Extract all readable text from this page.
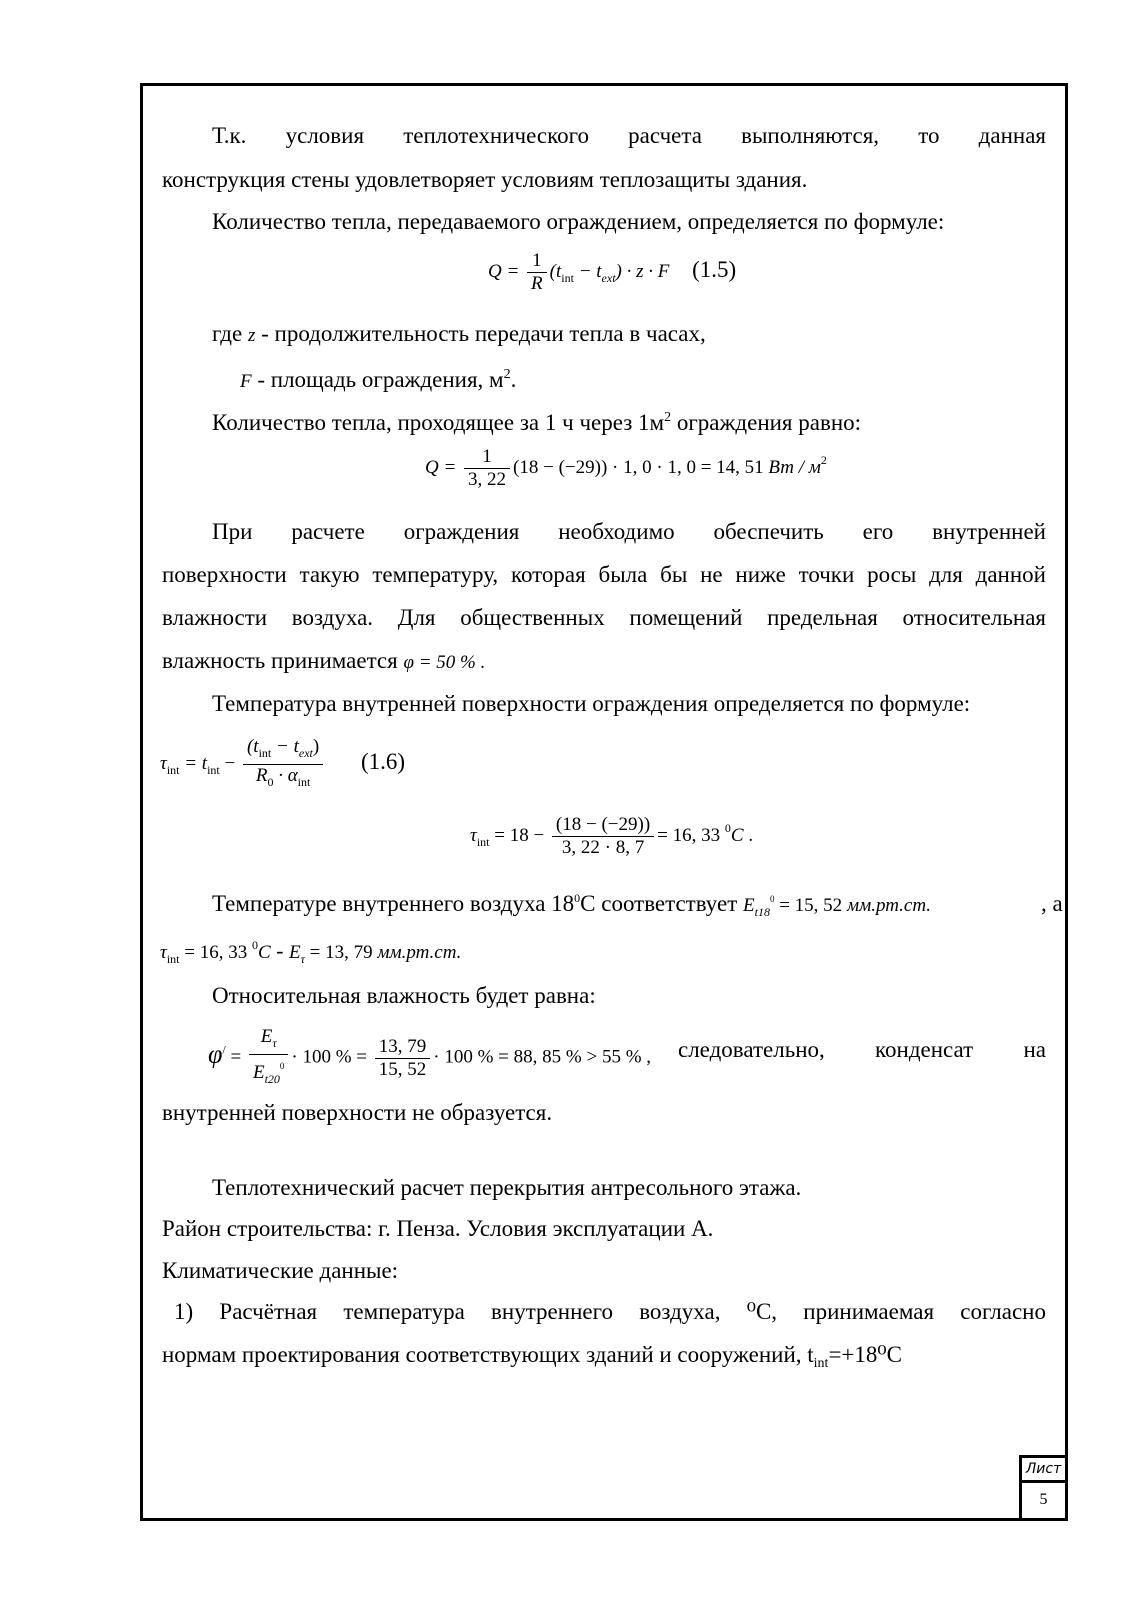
Т.к. условия теплотехнического расчета выполняются, то данная
конструкция стены удовлетворяет условиям теплозащиты здания.
Количество тепла, передаваемого ограждением, определяется по формуле:
$Q = \frac{1}{R} (t_{int} - t_{ext}) \cdot z \cdot F$ (1.5)
где z - продолжительность передачи тепла в часах,
F - площадь ограждения, $м^2$.
Количество тепла, проходящее за 1 ч через $1м^2$ ограждения равно:
$Q = \frac{1}{3, 22} (18 - (-29)) \cdot 1$, 0 · 1, 0 = 14, 51 Вт / $м^2$
При расчете ограждения необходимо обеспечить его внутренней
поверхности такую температуру, которая была бы не ниже точки росы для данной
влажности воздуха. Для общественных помещений предельная относительная
влажность принимается φ = 50 % .
Температура внутренней поверхности ограждения определяется по формуле:
$\tau_{int} = t_{int} - \frac{(t_{int} - t_{ext})}{R_0 \cdot \alpha_{int}} (1.6)$
$\tau_{int} = 18 - \frac{(18 - (-29))}{3, 22 \cdot 8, 7} = 16$, 33 $^0$C .
Температуре внутреннего воздуха $18^0С$ соответствует $E_{t18}^0 = 15$, 52 мм.рт.ст.	, а
$\tau_{int} = 16$, 33 $^0C - E_\tau = 13$, 79 мм.рт.ст.
Относительная влажность будет равна:
$\varphi^/ = \frac{E_\tau}{E_{t20}^0} \cdot 100$ % = $\frac{13, 79}{15, 52} \cdot 100$ % = 88, 85 % > 55 % , следовательно, конденсат на
внутренней поверхности не образуется.
Теплотехнический расчет перекрытия антресольного этажа.
Район строительства: г. Пенза. Условия эксплуатации А.
Климатические данные:
1) Расчётная температура внутреннего воздуха, ⁰С, принимаемая согласно
нормам проектирования соответствующих зданий и сооружений, $t_{int}=+18^0С$
Лист
5
